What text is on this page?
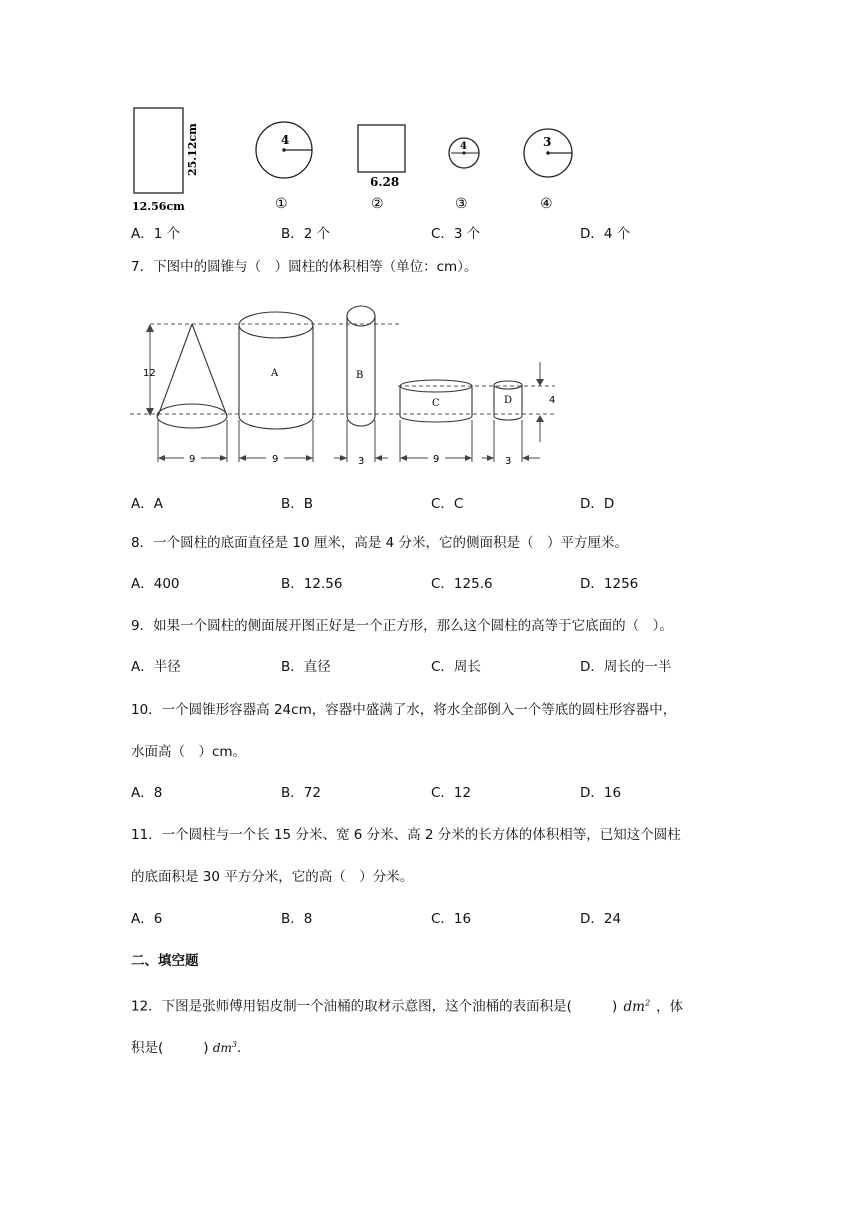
25.12cm
12.56cm
4
①
6.28
②
4
③
3
④
A．1 个	B．2 个	C．3 个	D．4 个
7．下图中的圆锥与（　）圆柱的体积相等（单位：cm）。
12	A	B
C	D	4
9	9	3	9	3
A．A	B．B	C．C	D．D
8．一个圆柱的底面直径是 10 厘米，高是 4 分米，它的侧面积是（　）平方厘米。
A．400	B．12.56	C．125.6	D．1256
9．如果一个圆柱的侧面展开图正好是一个正方形，那么这个圆柱的高等于它底面的（　）。
A．半径	B．直径	C．周长	D．周长的一半
10．一个圆锥形容器高 24cm，容器中盛满了水，将水全部倒入一个等底的圆柱形容器中，
水面高（　）cm。
A．8	B．72	C．12	D．16
11．一个圆柱与一个长 15 分米、宽 6 分米、高 2 分米的长方体的体积相等，已知这个圆柱
的底面积是 30 平方分米，它的高（　）分米。
A．6	B．8	C．16	D．24
二、填空题
12．下图是张师傅用铝皮制一个油桶的取材示意图，这个油桶的表面积是(	) $dm^2$ ，体
积是(	) $dm^3$.
